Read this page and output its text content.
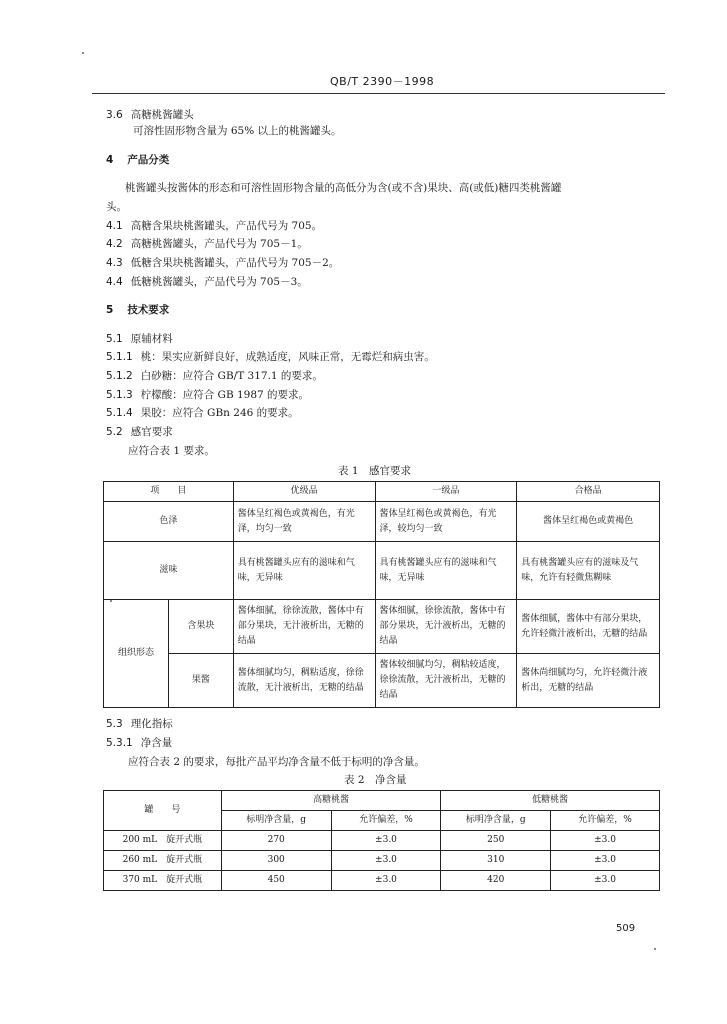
QB/T 2390－1998
3.6 高糖桃酱罐头
可溶性固形物含量为 65% 以上的桃酱罐头。
4 产品分类
桃酱罐头按酱体的形态和可溶性固形物含量的高低分为含(或不含)果块、高(或低)糖四类桃酱罐
头。
4.1 高糖含果块桃酱罐头，产品代号为 705。
4.2 高糖桃酱罐头，产品代号为 705－1。
4.3 低糖含果块桃酱罐头，产品代号为 705－2。
4.4 低糖桃酱罐头，产品代号为 705－3。
5 技术要求
5.1 原辅材料
5.1.1 桃：果实应新鲜良好，成熟适度，风味正常，无霉烂和病虫害。
5.1.2 白砂糖：应符合 GB/T 317.1 的要求。
5.1.3 柠檬酸：应符合 GB 1987 的要求。
5.1.4 果胶：应符合 GBn 246 的要求。
5.2 感官要求
应符合表 1 要求。
表 1　感官要求
项　　目		优级品	一级品	合格品
色泽		酱体呈红褐色或黄褐色，有光泽，均匀一致	酱体呈红褐色或黄褐色，有光泽，较均匀一致	酱体呈红褐色或黄褐色
滋味		具有桃酱罐头应有的滋味和气味，无异味	具有桃酱罐头应有的滋味和气味，无异味	具有桃酱罐头应有的滋味及气味，允许有轻微焦糊味
组织形态	含果块	酱体细腻，徐徐流散，酱体中有部分果块，无汁液析出，无糖的结晶	酱体细腻，徐徐流散，酱体中有部分果块，无汁液析出，无糖的结晶	酱体细腻，酱体中有部分果块，允许轻微汁液析出，无糖的结晶
	果酱	酱体细腻均匀，稠粘适度，徐徐流散，无汁液析出，无糖的结晶	酱体较细腻均匀，稠粘较适度，徐徐流散，无汁液析出，无糖的结晶	酱体尚细腻均匀，允许轻微汁液析出，无糖的结晶
5.3 理化指标
5.3.1 净含量
应符合表 2 的要求，每批产品平均净含量不低于标明的净含量。
表 2　净含量
罐　　号	高糖桃酱		低糖桃酱	
	标明净含量，g	允许偏差，%	标明净含量，g	允许偏差，%
200 mL　旋开式瓶	270	±3.0	250	±3.0
260 mL　旋开式瓶	300	±3.0	310	±3.0
370 mL　旋开式瓶	450	±3.0	420	±3.0
509
